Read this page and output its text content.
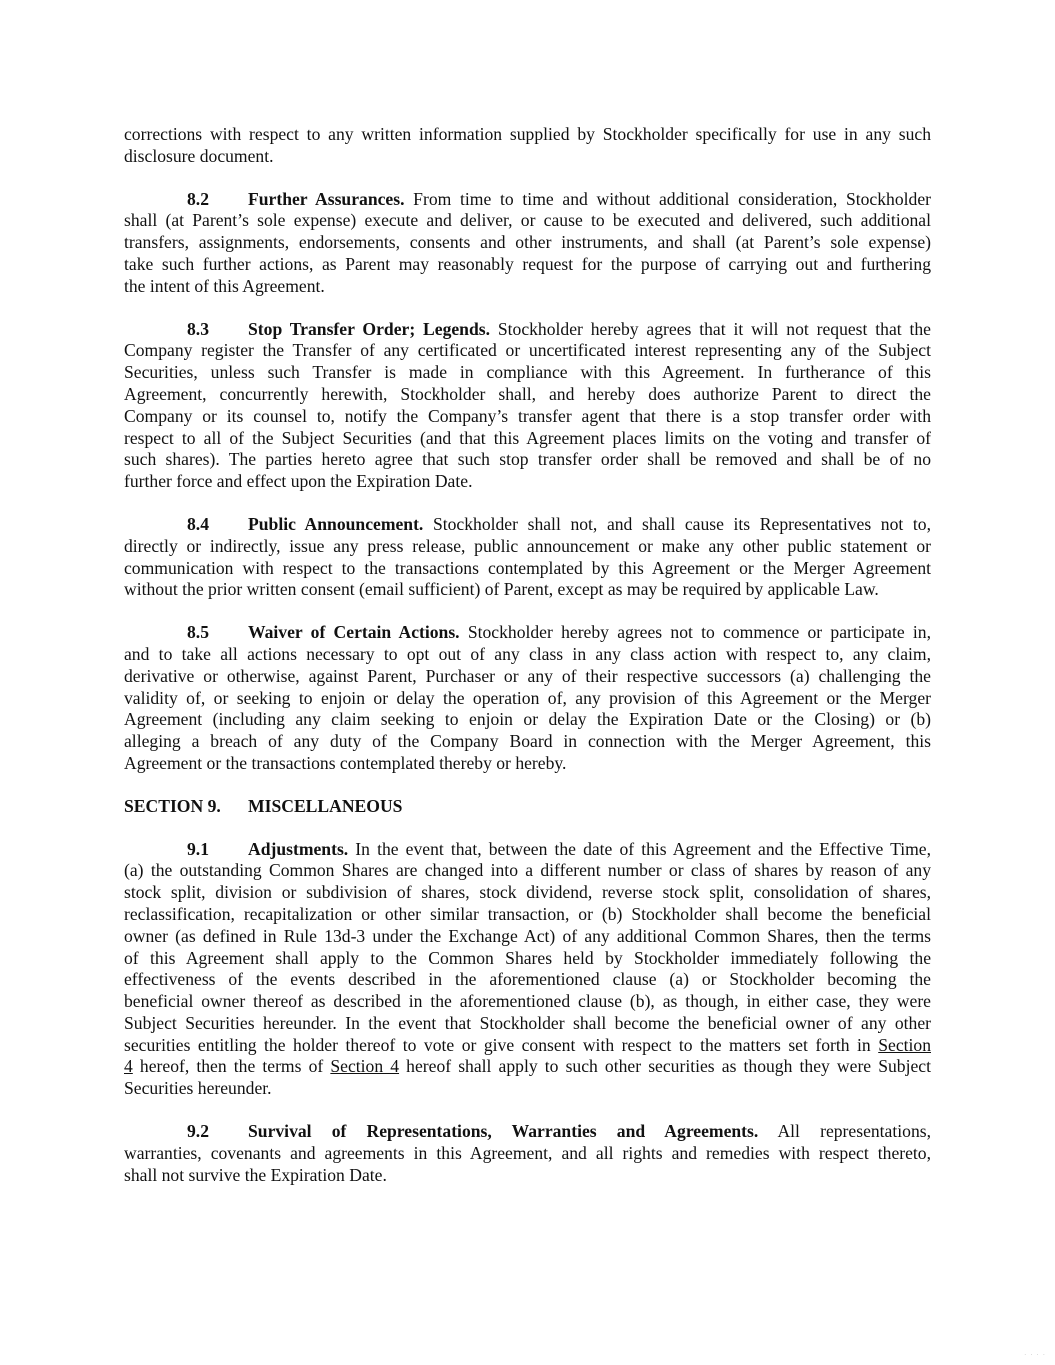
corrections with respect to any written information supplied by Stockholder specifically for use in any such
disclosure document.
8.2 Further Assurances. From time to time and without additional consideration, Stockholder
shall (at Parent’s sole expense) execute and deliver, or cause to be executed and delivered, such additional
transfers, assignments, endorsements, consents and other instruments, and shall (at Parent’s sole expense)
take such further actions, as Parent may reasonably request for the purpose of carrying out and furthering
the intent of this Agreement.
8.3 Stop Transfer Order; Legends. Stockholder hereby agrees that it will not request that the
Company register the Transfer of any certificated or uncertificated interest representing any of the Subject
Securities, unless such Transfer is made in compliance with this Agreement. In furtherance of this
Agreement, concurrently herewith, Stockholder shall, and hereby does authorize Parent to direct the
Company or its counsel to, notify the Company’s transfer agent that there is a stop transfer order with
respect to all of the Subject Securities (and that this Agreement places limits on the voting and transfer of
such shares). The parties hereto agree that such stop transfer order shall be removed and shall be of no
further force and effect upon the Expiration Date.
8.4 Public Announcement. Stockholder shall not, and shall cause its Representatives not to,
directly or indirectly, issue any press release, public announcement or make any other public statement or
communication with respect to the transactions contemplated by this Agreement or the Merger Agreement
without the prior written consent (email sufficient) of Parent, except as may be required by applicable Law.
8.5 Waiver of Certain Actions. Stockholder hereby agrees not to commence or participate in,
and to take all actions necessary to opt out of any class in any class action with respect to, any claim,
derivative or otherwise, against Parent, Purchaser or any of their respective successors (a) challenging the
validity of, or seeking to enjoin or delay the operation of, any provision of this Agreement or the Merger
Agreement (including any claim seeking to enjoin or delay the Expiration Date or the Closing) or (b)
alleging a breach of any duty of the Company Board in connection with the Merger Agreement, this
Agreement or the transactions contemplated thereby or hereby.
SECTION 9. MISCELLANEOUS
9.1 Adjustments. In the event that, between the date of this Agreement and the Effective Time,
(a) the outstanding Common Shares are changed into a different number or class of shares by reason of any
stock split, division or subdivision of shares, stock dividend, reverse stock split, consolidation of shares,
reclassification, recapitalization or other similar transaction, or (b) Stockholder shall become the beneficial
owner (as defined in Rule 13d-3 under the Exchange Act) of any additional Common Shares, then the terms
of this Agreement shall apply to the Common Shares held by Stockholder immediately following the
effectiveness of the events described in the aforementioned clause (a) or Stockholder becoming the
beneficial owner thereof as described in the aforementioned clause (b), as though, in either case, they were
Subject Securities hereunder. In the event that Stockholder shall become the beneficial owner of any other
securities entitling the holder thereof to vote or give consent with respect to the matters set forth in Section
4 hereof, then the terms of Section 4 hereof shall apply to such other securities as though they were Subject
Securities hereunder.
9.2 Survival of Representations, Warranties and Agreements. All representations,
warranties, covenants and agreements in this Agreement, and all rights and remedies with respect thereto,
shall not survive the Expiration Date.
····
